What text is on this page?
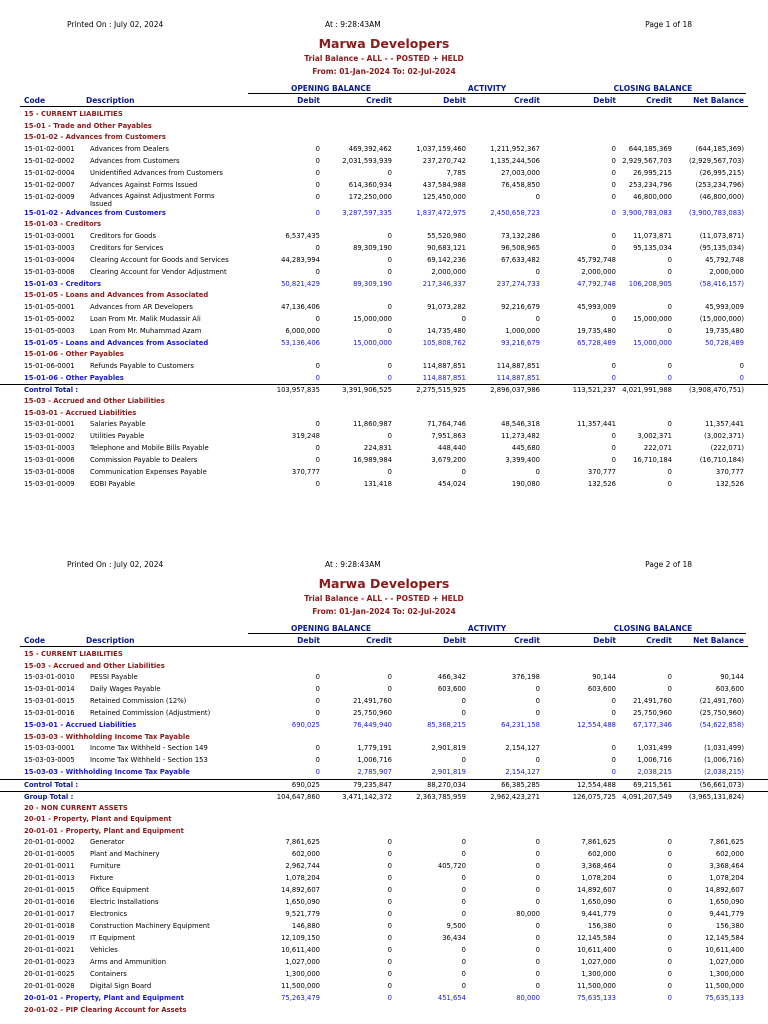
Printed On : July 02, 2024	At : 9:28:43AM	Page 1 of 18
Marwa Developers
Trial Balance - ALL - - POSTED + HELD
From: 01-Jan-2024 To: 02-Jul-2024
OPENING BALANCE	ACTIVITY	CLOSING BALANCE
Code	Description	Debit	Credit	Debit	Credit	Debit	Credit	Net Balance
15 - CURRENT LIABILITIES
15-01 - Trade and Other Payables
15-01-02 - Advances from Customers
15-01-02-0001 Advances from Dealers	0	469,392,462	1,037,159,460	1,211,952,367	0 644,185,369	(644,185,369)
15-01-02-0002 Advances from Customers	0	2,031,593,939	237,270,742	1,135,244,506	0 2,929,567,703 (2,929,567,703)
15-01-02-0004 Unidentified Advances from Customers	0	0	7,785	27,003,000	0	26,995,215	(26,995,215)
15-01-02-0007 Advances Against Forms Issued	0	614,360,934	437,584,988	76,458,850	0 253,234,796	(253,234,796)
15-01-02-0009 Advances Against Adjustment Forms
Issued
0	172,250,000	125,450,000	0	0	46,800,000	(46,800,000)
15-01-02 - Advances from Customers	0	3,287,597,335	1,837,472,975	2,450,658,723	0 3,900,783,083 (3,900,783,083)
15-01-03 - Creditors
15-01-03-0001 Creditors for Goods	6,537,435	0	55,520,980	73,132,286	0	11,073,871	(11,073,871)
15-01-03-0003 Creditors for Services	0	89,309,190	90,683,121	96,508,965	0	95,135,034	(95,135,034)
15-01-03-0004 Clearing Account for Goods and Services	44,283,994	0	69,142,236	67,633,482	45,792,748	0	45,792,748
15-01-03-0008 Clearing Account for Vendor Adjustment	0	0	2,000,000	0	2,000,000	0	2,000,000
15-01-03 - Creditors	50,821,429	89,309,190	217,346,337	237,274,733	47,792,748 106,208,905	(58,416,157)
15-01-05 - Loans and Advances from Associated
15-01-05-0001 Advances from AR Developers	47,136,406	0	91,073,282	92,216,679	45,993,009	0	45,993,009
15-01-05-0002 Loan From Mr. Malik Mudassir Ali	0	15,000,000	0	0	0	15,000,000	(15,000,000)
15-01-05-0003 Loan From Mr. Muhammad Azam	6,000,000	0	14,735,480	1,000,000	19,735,480	0	19,735,480
15-01-05 - Loans and Advances from Associated	53,136,406	15,000,000	105,808,762	93,216,679	65,728,489	15,000,000	50,728,489
15-01-06 - Other Payables
15-01-06-0001 Refunds Payable to Customers	0	0	114,887,851	114,887,851	0	0	0
15-01-06 - Other Payables	0	0	114,887,851	114,887,851	0	0	0
Control Total :	103,957,835	3,391,906,525	2,275,515,925	2,896,037,986	113,521,237 4,021,991,988 (3,908,470,751)
15-03 - Accrued and Other Liabilities
15-03-01 - Accrued Liabilities
15-03-01-0001 Salaries Payable	0	11,860,987	71,764,746	48,546,318	11,357,441	0	11,357,441
15-03-01-0002 Utilities Payable	319,248	0	7,951,863	11,273,482	0	3,002,371	(3,002,371)
15-03-01-0003 Telephone and Mobile Bills Payable	0	224,831	448,440	445,680	0	222,071	(222,071)
15-03-01-0006 Commission Payable to Dealers	0	16,989,984	3,679,200	3,399,400	0	16,710,184	(16,710,184)
15-03-01-0008 Communication Expenses Payable	370,777	0	0	0	370,777	0	370,777
15-03-01-0009 EOBI Payable	0	131,418	454,024	190,080	132,526	0	132,526
Printed On : July 02, 2024	At : 9:28:43AM	Page 2 of 18
Marwa Developers
Trial Balance - ALL - - POSTED + HELD
From: 01-Jan-2024 To: 02-Jul-2024
OPENING BALANCE	ACTIVITY	CLOSING BALANCE
Code	Description	Debit	Credit	Debit	Credit	Debit	Credit	Net Balance
15 - CURRENT LIABILITIES
15-03 - Accrued and Other Liabilities
15-03-01-0010 PESSI Payable	0	0	466,342	376,198	90,144	0	90,144
15-03-01-0014 Daily Wages Payable	0	0	603,600	0	603,600	0	603,600
15-03-01-0015 Retained Commission (12%)	0	21,491,760	0	0	0	21,491,760	(21,491,760)
15-03-01-0016 Retained Commission (Adjustment)	0	25,750,960	0	0	0	25,750,960	(25,750,960)
15-03-01 - Accrued Liabilities	690,025	76,449,940	85,368,215	64,231,158	12,554,488	67,177,346	(54,622,858)
15-03-03 - Withholding Income Tax Payable
15-03-03-0001 Income Tax Withheld - Section 149	0	1,779,191	2,901,819	2,154,127	0	1,031,499	(1,031,499)
15-03-03-0005 Income Tax Withheld - Section 153	0	1,006,716	0	0	0	1,006,716	(1,006,716)
15-03-03 - Withholding Income Tax Payable	0	2,785,907	2,901,819	2,154,127	0	2,038,215	(2,038,215)
Control Total :	690,025	79,235,847	88,270,034	66,385,285	12,554,488	69,215,561	(56,661,073)
Group Total :	104,647,860	3,471,142,372	2,363,785,959	2,962,423,271	126,075,725 4,091,207,549 (3,965,131,824)
20 - NON CURRENT ASSETS
20-01 - Property, Plant and Equipment
20-01-01 - Property, Plant and Equipment
20-01-01-0002 Generator	7,861,625	0	0	0	7,861,625	0	7,861,625
20-01-01-0005 Plant and Machinery	602,000	0	0	0	602,000	0	602,000
20-01-01-0011 Furniture	2,962,744	0	405,720	0	3,368,464	0	3,368,464
20-01-01-0013 Fixture	1,078,204	0	0	0	1,078,204	0	1,078,204
20-01-01-0015 Office Equipment	14,892,607	0	0	0	14,892,607	0	14,892,607
20-01-01-0016 Electric Installations	1,650,090	0	0	0	1,650,090	0	1,650,090
20-01-01-0017 Electronics	9,521,779	0	0	80,000	9,441,779	0	9,441,779
20-01-01-0018 Construction Machinery Equipment	146,880	0	9,500	0	156,380	0	156,380
20-01-01-0019 IT Equipment	12,109,150	0	36,434	0	12,145,584	0	12,145,584
20-01-01-0021 Vehicles	10,611,400	0	0	0	10,611,400	0	10,611,400
20-01-01-0023 Arms and Ammunition	1,027,000	0	0	0	1,027,000	0	1,027,000
20-01-01-0025 Containers	1,300,000	0	0	0	1,300,000	0	1,300,000
20-01-01-0028 Digital Sign Board	11,500,000	0	0	0	11,500,000	0	11,500,000
20-01-01 - Property, Plant and Equipment	75,263,479	0	451,654	80,000	75,635,133	0	75,635,133
20-01-02 - PIP Clearing Account for Assets
